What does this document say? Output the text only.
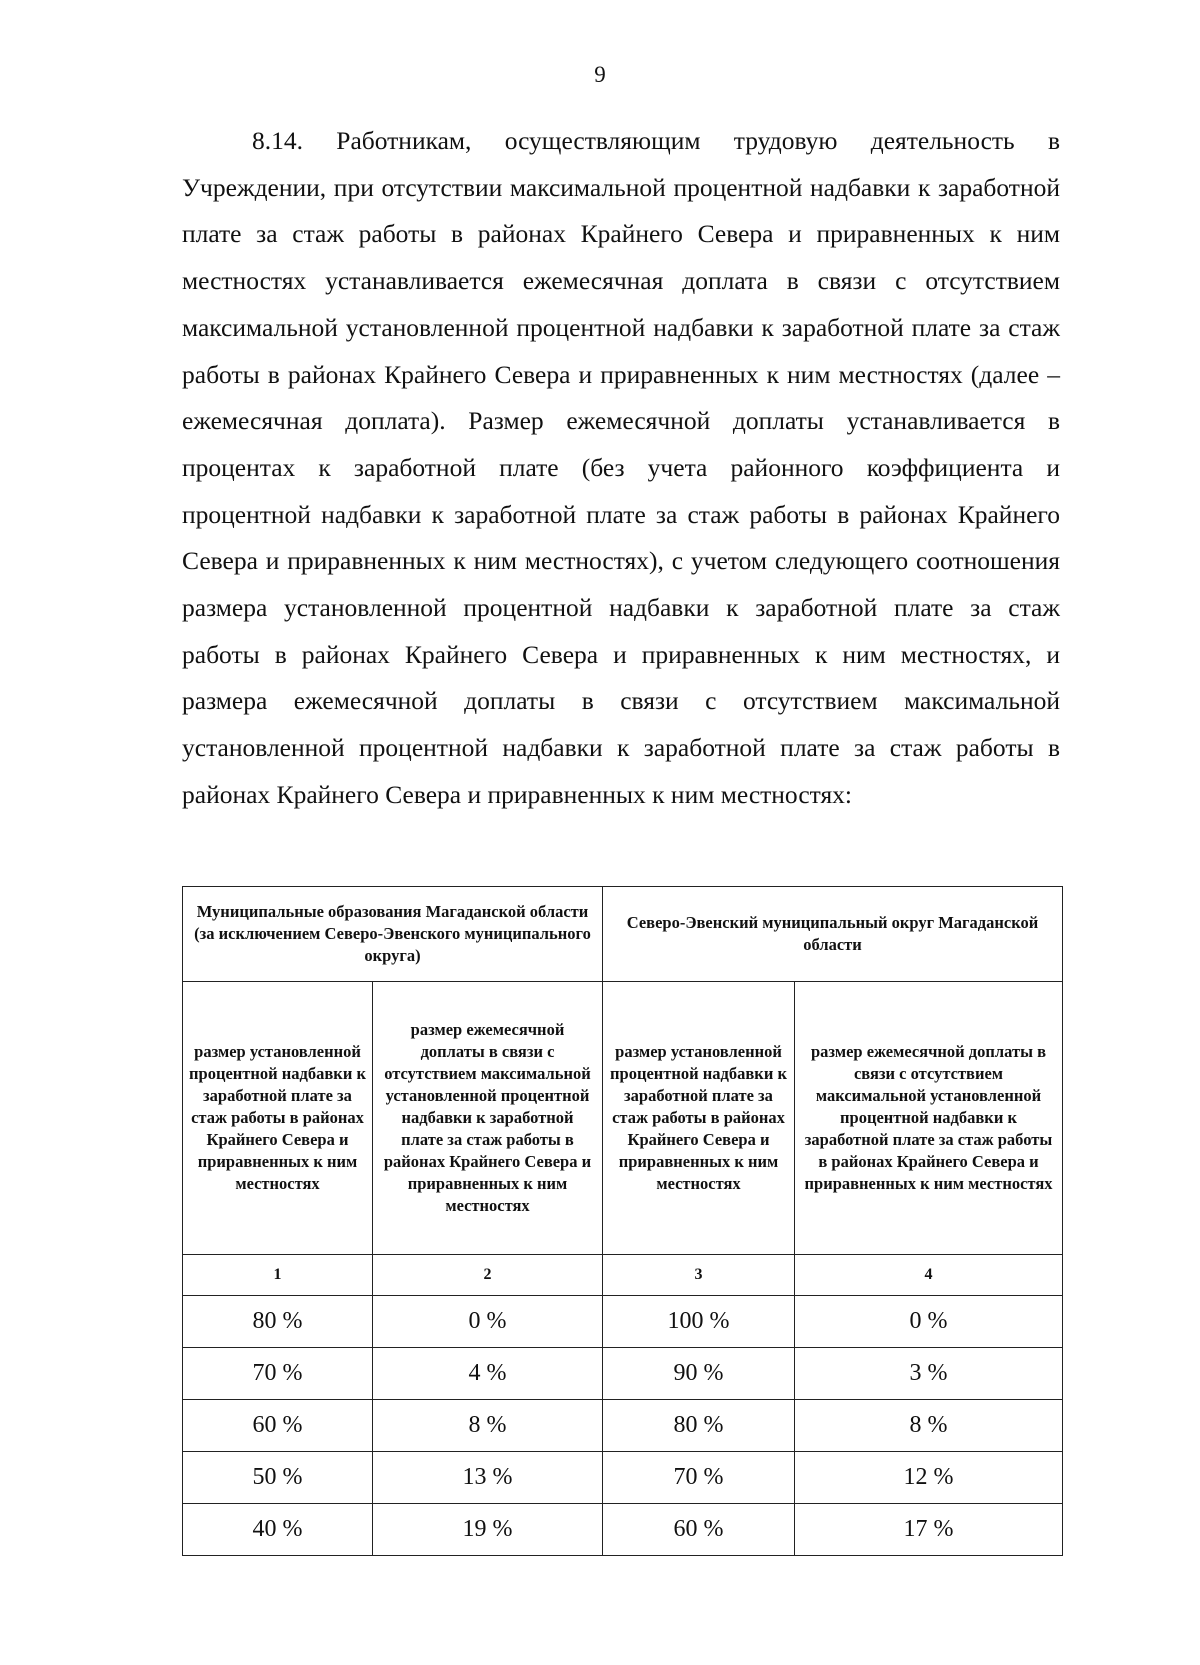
9

8.14. Работникам, осуществляющим трудовую деятельность в Учреждении, при отсутствии максимальной процентной надбавки к заработной плате за стаж работы в районах Крайнего Севера и приравненных к ним местностях устанавливается ежемесячная доплата в связи с отсутствием максимальной установленной процентной надбавки к заработной плате за стаж работы в районах Крайнего Севера и приравненных к ним местностях (далее – ежемесячная доплата). Размер ежемесячной доплаты устанавливается в процентах к заработной плате (без учета районного коэффициента и процентной надбавки к заработной плате за стаж работы в районах Крайнего Севера и приравненных к ним местностях), с учетом следующего соотношения размера установленной процентной надбавки к заработной плате за стаж работы в районах Крайнего Севера и приравненных к ним местностях, и размера ежемесячной доплаты в связи с отсутствием максимальной установленной процентной надбавки к заработной плате за стаж работы в районах Крайнего Севера и приравненных к ним местностях:

Муниципальные образования Магаданской области (за исключением Северо-Эвенского муниципального округа)		Северо-Эвенский муниципальный округ Магаданской области	
размер установленной процентной надбавки к заработной плате за стаж работы в районах Крайнего Севера и приравненных к ним местностях	размер ежемесячной доплаты в связи с отсутствием максимальной установленной процентной надбавки к заработной плате за стаж работы в районах Крайнего Севера и приравненных к ним местностях	размер установленной процентной надбавки к заработной плате за стаж работы в районах Крайнего Севера и приравненных к ним местностях	размер ежемесячной доплаты в связи с отсутствием максимальной установленной процентной надбавки к заработной плате за стаж работы в районах Крайнего Севера и приравненных к ним местностях
1	2	3	4
80 %	0 %	100 %	0 %
70 %	4 %	90 %	3 %
60 %	8 %	80 %	8 %
50 %	13 %	70 %	12 %
40 %	19 %	60 %	17 %
